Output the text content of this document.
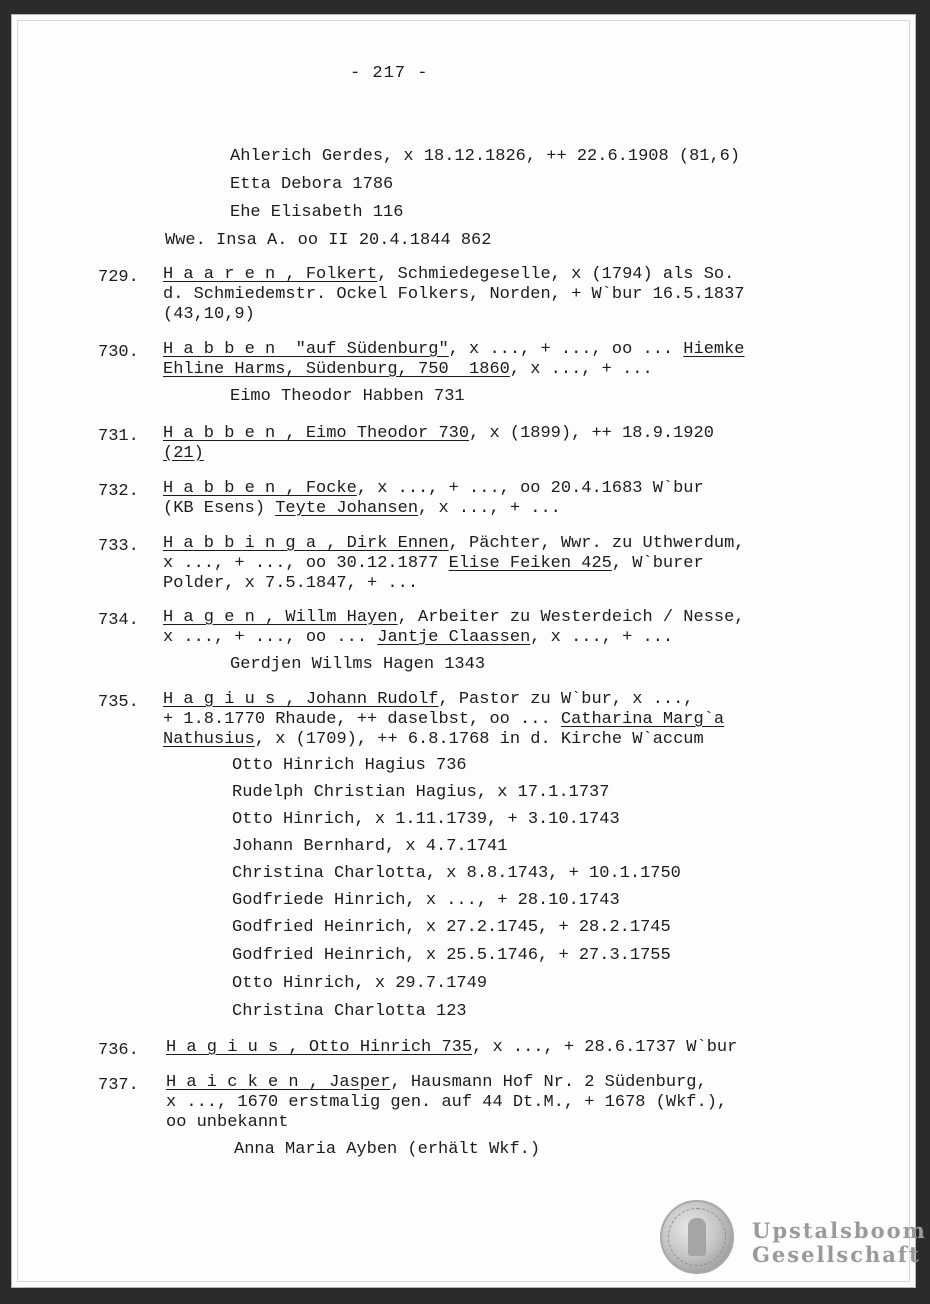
- 217 -
Ahlerich Gerdes, x 18.12.1826, ++ 22.6.1908 (81,6)
Etta Debora 1786
Ehe Elisabeth 116
Wwe. Insa A. oo II 20.4.1844 862
729. H a a r e n , Folkert, Schmiedegeselle, x (1794) als So.
d. Schmiedemstr. Ockel Folkers, Norden, + W`bur 16.5.1837
(43,10,9)
730. H a b b e n  "auf Südenburg", x ..., + ..., oo ... Hiemke
Ehline Harms, Südenburg, 750  1860, x ..., + ...
Eimo Theodor Habben 731
731. H a b b e n , Eimo Theodor 730, x (1899), ++ 18.9.1920
(21)
732. H a b b e n , Focke, x ..., + ..., oo 20.4.1683 W`bur
(KB Esens) Teyte Johansen, x ..., + ...
733. H a b b i n g a , Dirk Ennen, Pächter, Wwr. zu Uthwerdum,
x ..., + ..., oo 30.12.1877 Elise Feiken 425, W`burer
Polder, x 7.5.1847, + ...
734. H a g e n , Willm Hayen, Arbeiter zu Westerdeich / Nesse,
x ..., + ..., oo ... Jantje Claassen, x ..., + ...
Gerdjen Willms Hagen 1343
735. H a g i u s , Johann Rudolf, Pastor zu W`bur, x ...,
+ 1.8.1770 Rhaude, ++ daselbst, oo ... Catharina Marg`a
Nathusius, x (1709), ++ 6.8.1768 in d. Kirche W`accum
Otto Hinrich Hagius 736
Rudelph Christian Hagius, x 17.1.1737
Otto Hinrich, x 1.11.1739, + 3.10.1743
Johann Bernhard, x 4.7.1741
Christina Charlotta, x 8.8.1743, + 10.1.1750
Godfriede Hinrich, x ..., + 28.10.1743
Godfried Heinrich, x 27.2.1745, + 28.2.1745
Godfried Heinrich, x 25.5.1746, + 27.3.1755
Otto Hinrich, x 29.7.1749
Christina Charlotta 123
736. H a g i u s , Otto Hinrich 735, x ..., + 28.6.1737 W`bur
737. H a i c k e n , Jasper, Hausmann Hof Nr. 2 Südenburg,
x ..., 1670 erstmalig gen. auf 44 Dt.M., + 1678 (Wkf.),
oo unbekannt
Anna Maria Ayben (erhält Wkf.)
Upstalsboom
Gesellschaft
